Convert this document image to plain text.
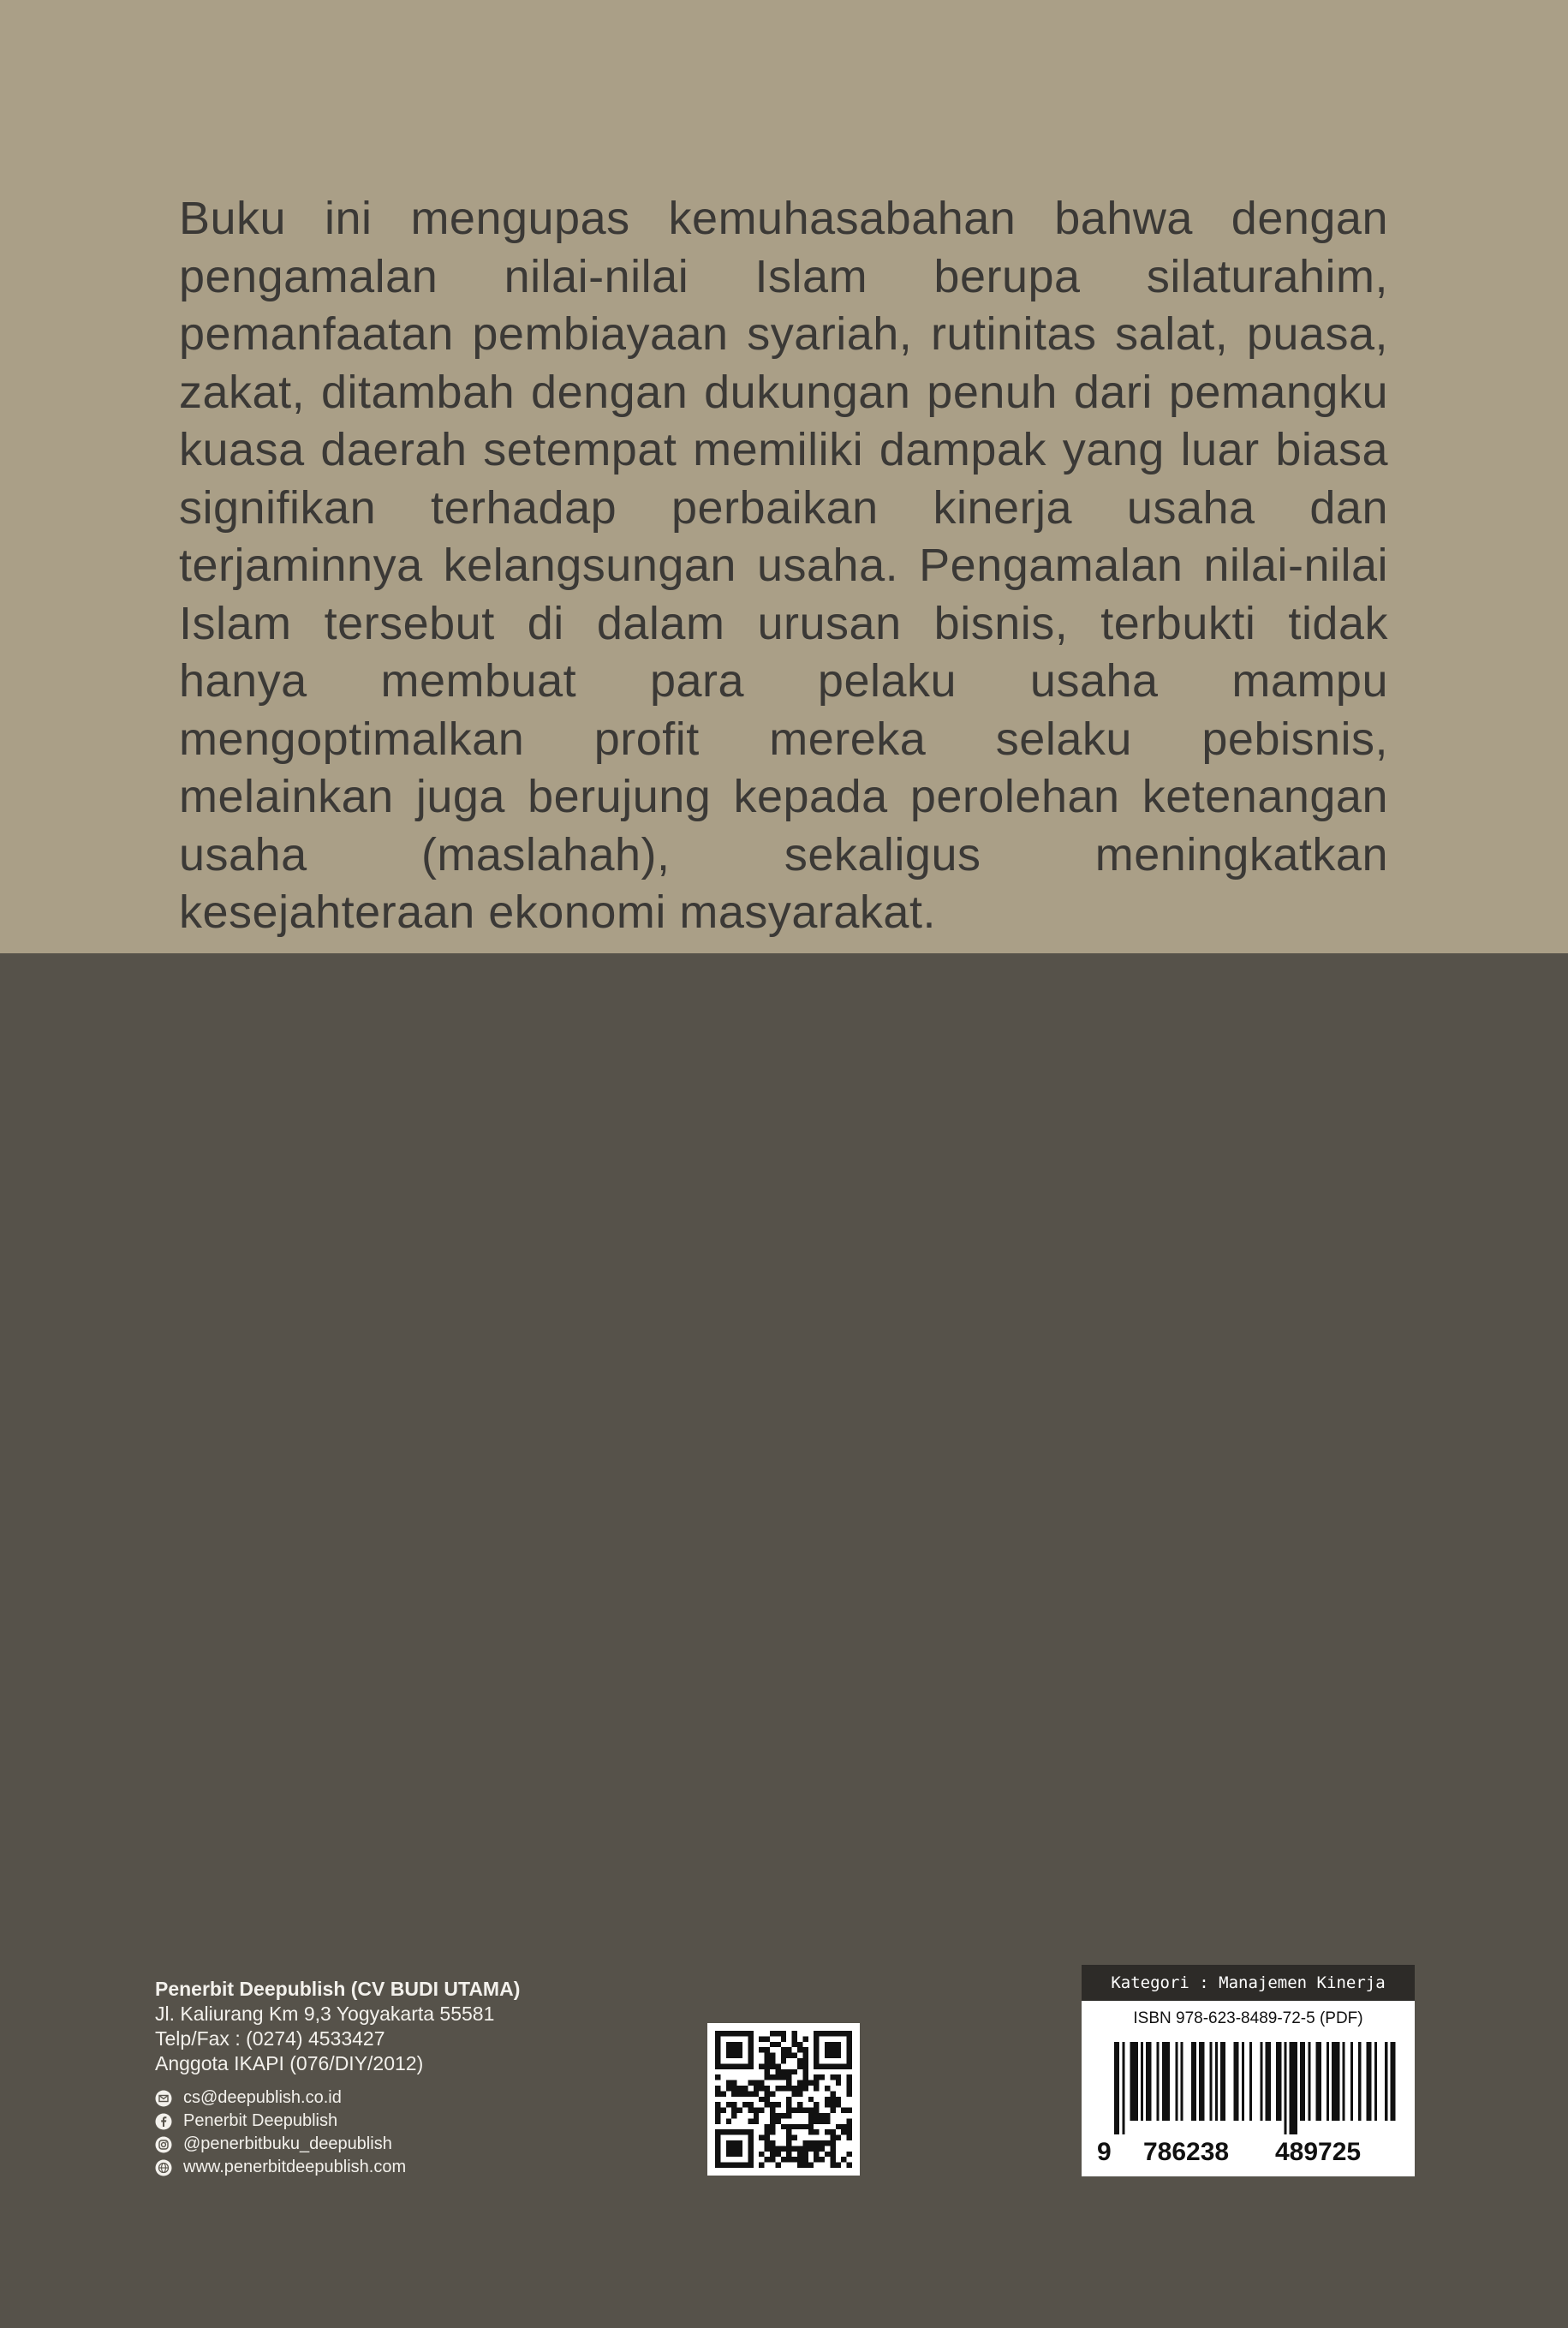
Buku ini mengupas kemuhasabahan bahwa dengan pengamalan nilai-nilai Islam berupa silaturahim, pemanfaatan pembiayaan syariah, rutinitas salat, puasa, zakat, ditambah dengan dukungan penuh dari pemangku kuasa daerah setempat memiliki dampak yang luar biasa signifikan terhadap perbaikan kinerja usaha dan terjaminnya kelangsungan usaha. Pengamalan nilai-nilai Islam tersebut di dalam urusan bisnis, terbukti tidak hanya membuat para pelaku usaha mampu mengoptimalkan profit mereka selaku pebisnis, melainkan juga berujung kepada perolehan ketenangan usaha (maslahah), sekaligus meningkatkan kesejahteraan ekonomi masyarakat.

Penerbit Deepublish (CV BUDI UTAMA)
Jl. Kaliurang Km 9,3 Yogyakarta 55581
Telp/Fax : (0274) 4533427
Anggota IKAPI (076/DIY/2012)
cs@deepublish.co.id
Penerbit Deepublish
@penerbitbuku_deepublish
www.penerbitdeepublish.com
Kategori : Manajemen Kinerja
ISBN 978-623-8489-72-5 (PDF)
9 786238 489725
